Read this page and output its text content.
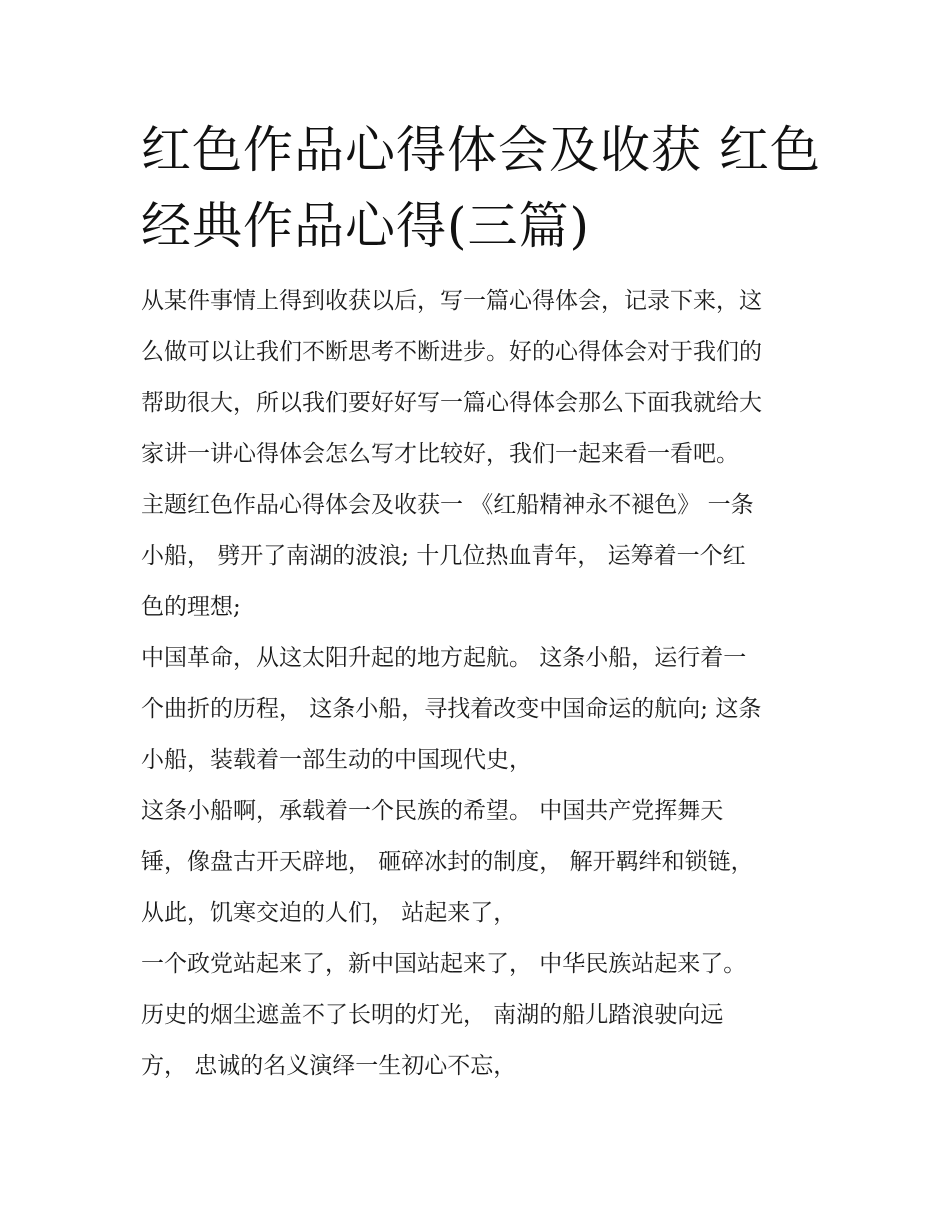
红色作品心得体会及收获 红色
经典作品心得(三篇)
从某件事情上得到收获以后，写一篇心得体会，记录下来，这
么做可以让我们不断思考不断进步。好的心得体会对于我们的
帮助很大，所以我们要好好写一篇心得体会那么下面我就给大
家讲一讲心得体会怎么写才比较好，我们一起来看一看吧。
主题红色作品心得体会及收获一 《红船精神永不褪色》 一条
小船， 劈开了南湖的波浪; 十几位热血青年， 运筹着一个红
色的理想;
中国革命，从这太阳升起的地方起航。 这条小船，运行着一
个曲折的历程， 这条小船，寻找着改变中国命运的航向; 这条
小船，装载着一部生动的中国现代史，
这条小船啊，承载着一个民族的希望。 中国共产党挥舞天
锤，像盘古开天辟地， 砸碎冰封的制度， 解开羁绊和锁链，
从此，饥寒交迫的人们， 站起来了，
一个政党站起来了，新中国站起来了， 中华民族站起来了。
历史的烟尘遮盖不了长明的灯光， 南湖的船儿踏浪驶向远
方， 忠诚的名义演绎一生初心不忘，
